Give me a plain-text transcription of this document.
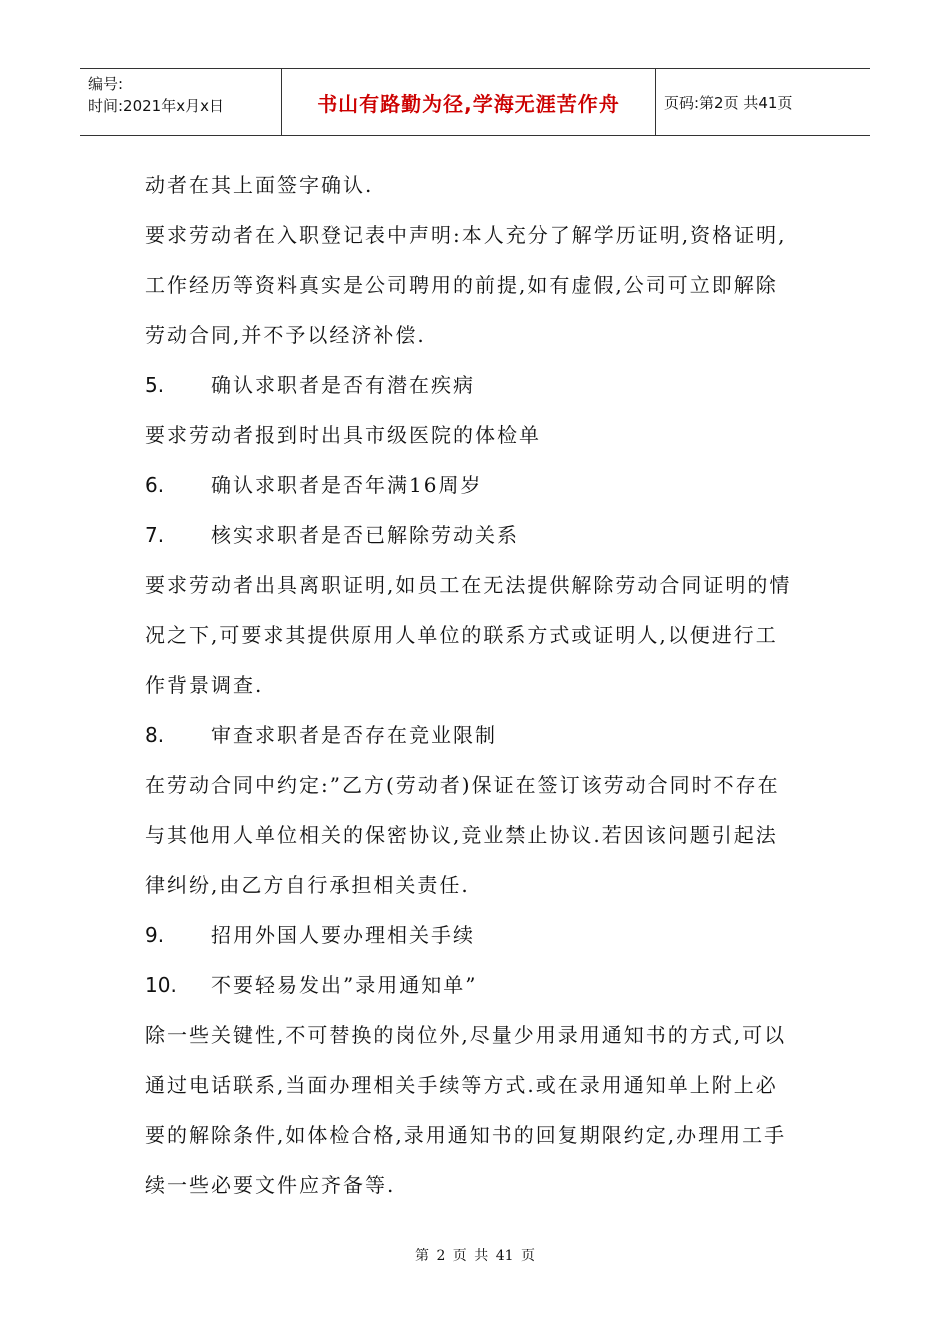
编号:
时间:2021年x月x日	书山有路勤为径,学海无涯苦作舟	页码:第2页 共41页
动者在其上面签字确认.
要求劳动者在入职登记表中声明:本人充分了解学历证明,资格证明,
工作经历等资料真实是公司聘用的前提,如有虚假,公司可立即解除
劳动合同,并不予以经济补偿.
5. 确认求职者是否有潜在疾病
要求劳动者报到时出具市级医院的体检单
6. 确认求职者是否年满16周岁
7. 核实求职者是否已解除劳动关系
要求劳动者出具离职证明,如员工在无法提供解除劳动合同证明的情
况之下,可要求其提供原用人单位的联系方式或证明人,以便进行工
作背景调查.
8. 审查求职者是否存在竞业限制
在劳动合同中约定:”乙方(劳动者)保证在签订该劳动合同时不存在
与其他用人单位相关的保密协议,竞业禁止协议.若因该问题引起法
律纠纷,由乙方自行承担相关责任.
9. 招用外国人要办理相关手续
10. 不要轻易发出”录用通知单”
除一些关键性,不可替换的岗位外,尽量少用录用通知书的方式,可以
通过电话联系,当面办理相关手续等方式.或在录用通知单上附上必
要的解除条件,如体检合格,录用通知书的回复期限约定,办理用工手
续一些必要文件应齐备等.
第 2 页 共 41 页
